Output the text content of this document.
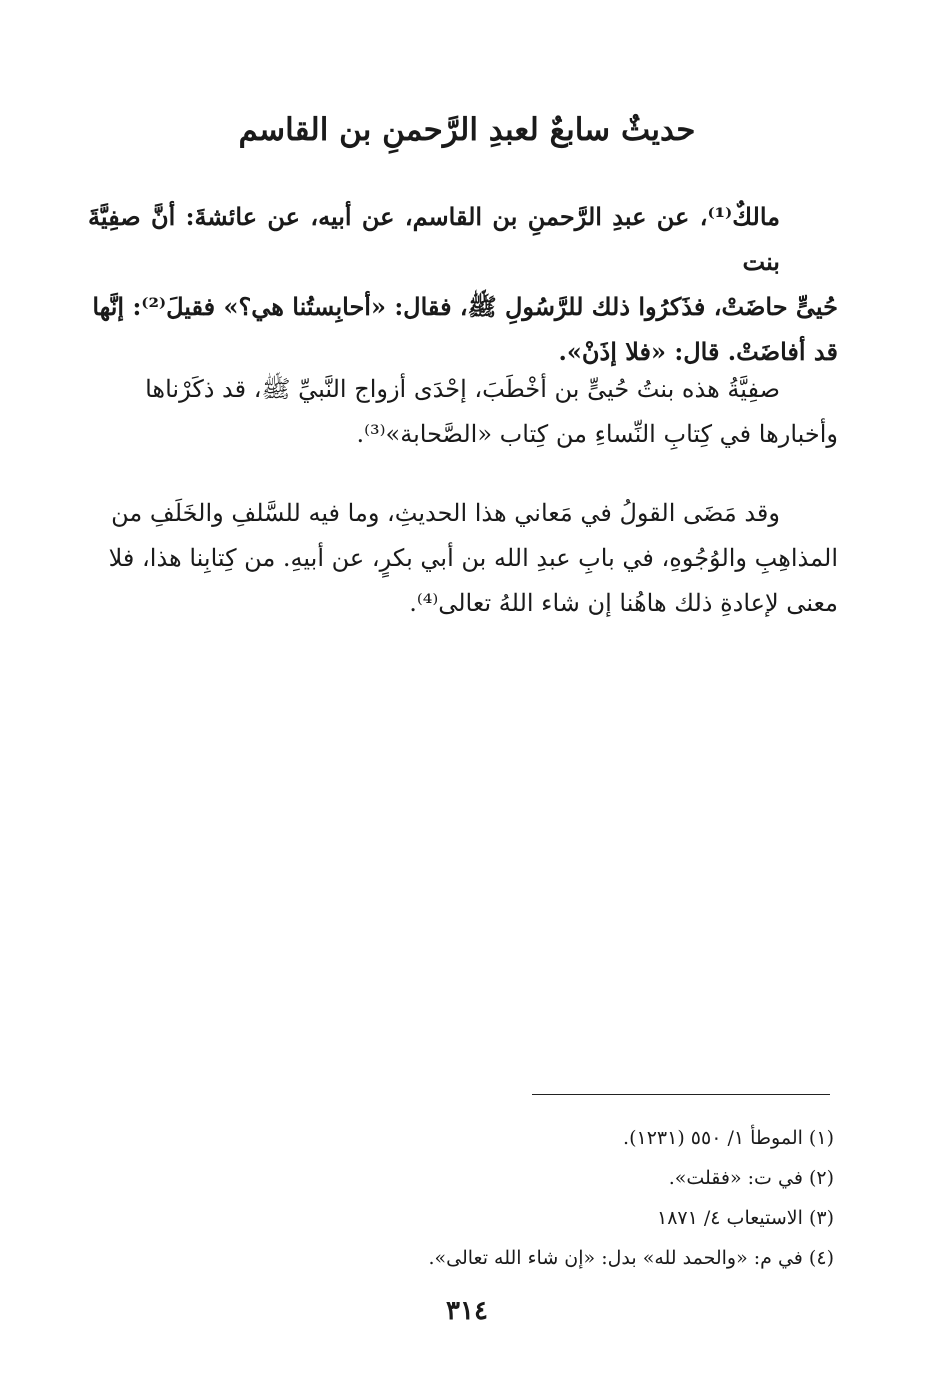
حديثٌ سابعٌ لعبدِ الرَّحمنِ بن القاسم
مالكٌ⁽¹⁾، عن عبدِ الرَّحمنِ بن القاسم، عن أبيه، عن عائشةَ: أنَّ صفِيَّةَ بنت
حُيىٍّ حاضَتْ، فذَكرُوا ذلك للرَّسُولِ ﷺ، فقال: «أحابِستُنا هي؟» فقيلَ⁽²⁾: إنَّها
قد أفاضَتْ. قال: «فلا إذَنْ».
صفِيَّةُ هذه بنتُ حُيىٍّ بن أخْطَبَ، إحْدَى أزواج النَّبيِّ ﷺ، قد ذكَرْناها
وأخبارها في كِتابِ النِّساءِ من كِتاب «الصَّحابة»⁽³⁾.
وقد مَضَى القولُ في مَعاني هذا الحديثِ، وما فيه للسَّلفِ والخَلَفِ من
المذاهِبِ والوُجُوهِ، في بابِ عبدِ الله بن أبي بكرٍ، عن أبيهِ. من كِتابِنا هذا، فلا
معنى لإعادةِ ذلك هاهُنا إن شاء اللهُ تعالى⁽⁴⁾.
(١) الموطأ ١/ ٥٥٠ (١٢٣١).
(٢) في ت: «فقلت».
(٣) الاستيعاب ٤/ ١٨٧١
(٤) في م: «والحمد لله» بدل: «إن شاء الله تعالى».
٣١٤
